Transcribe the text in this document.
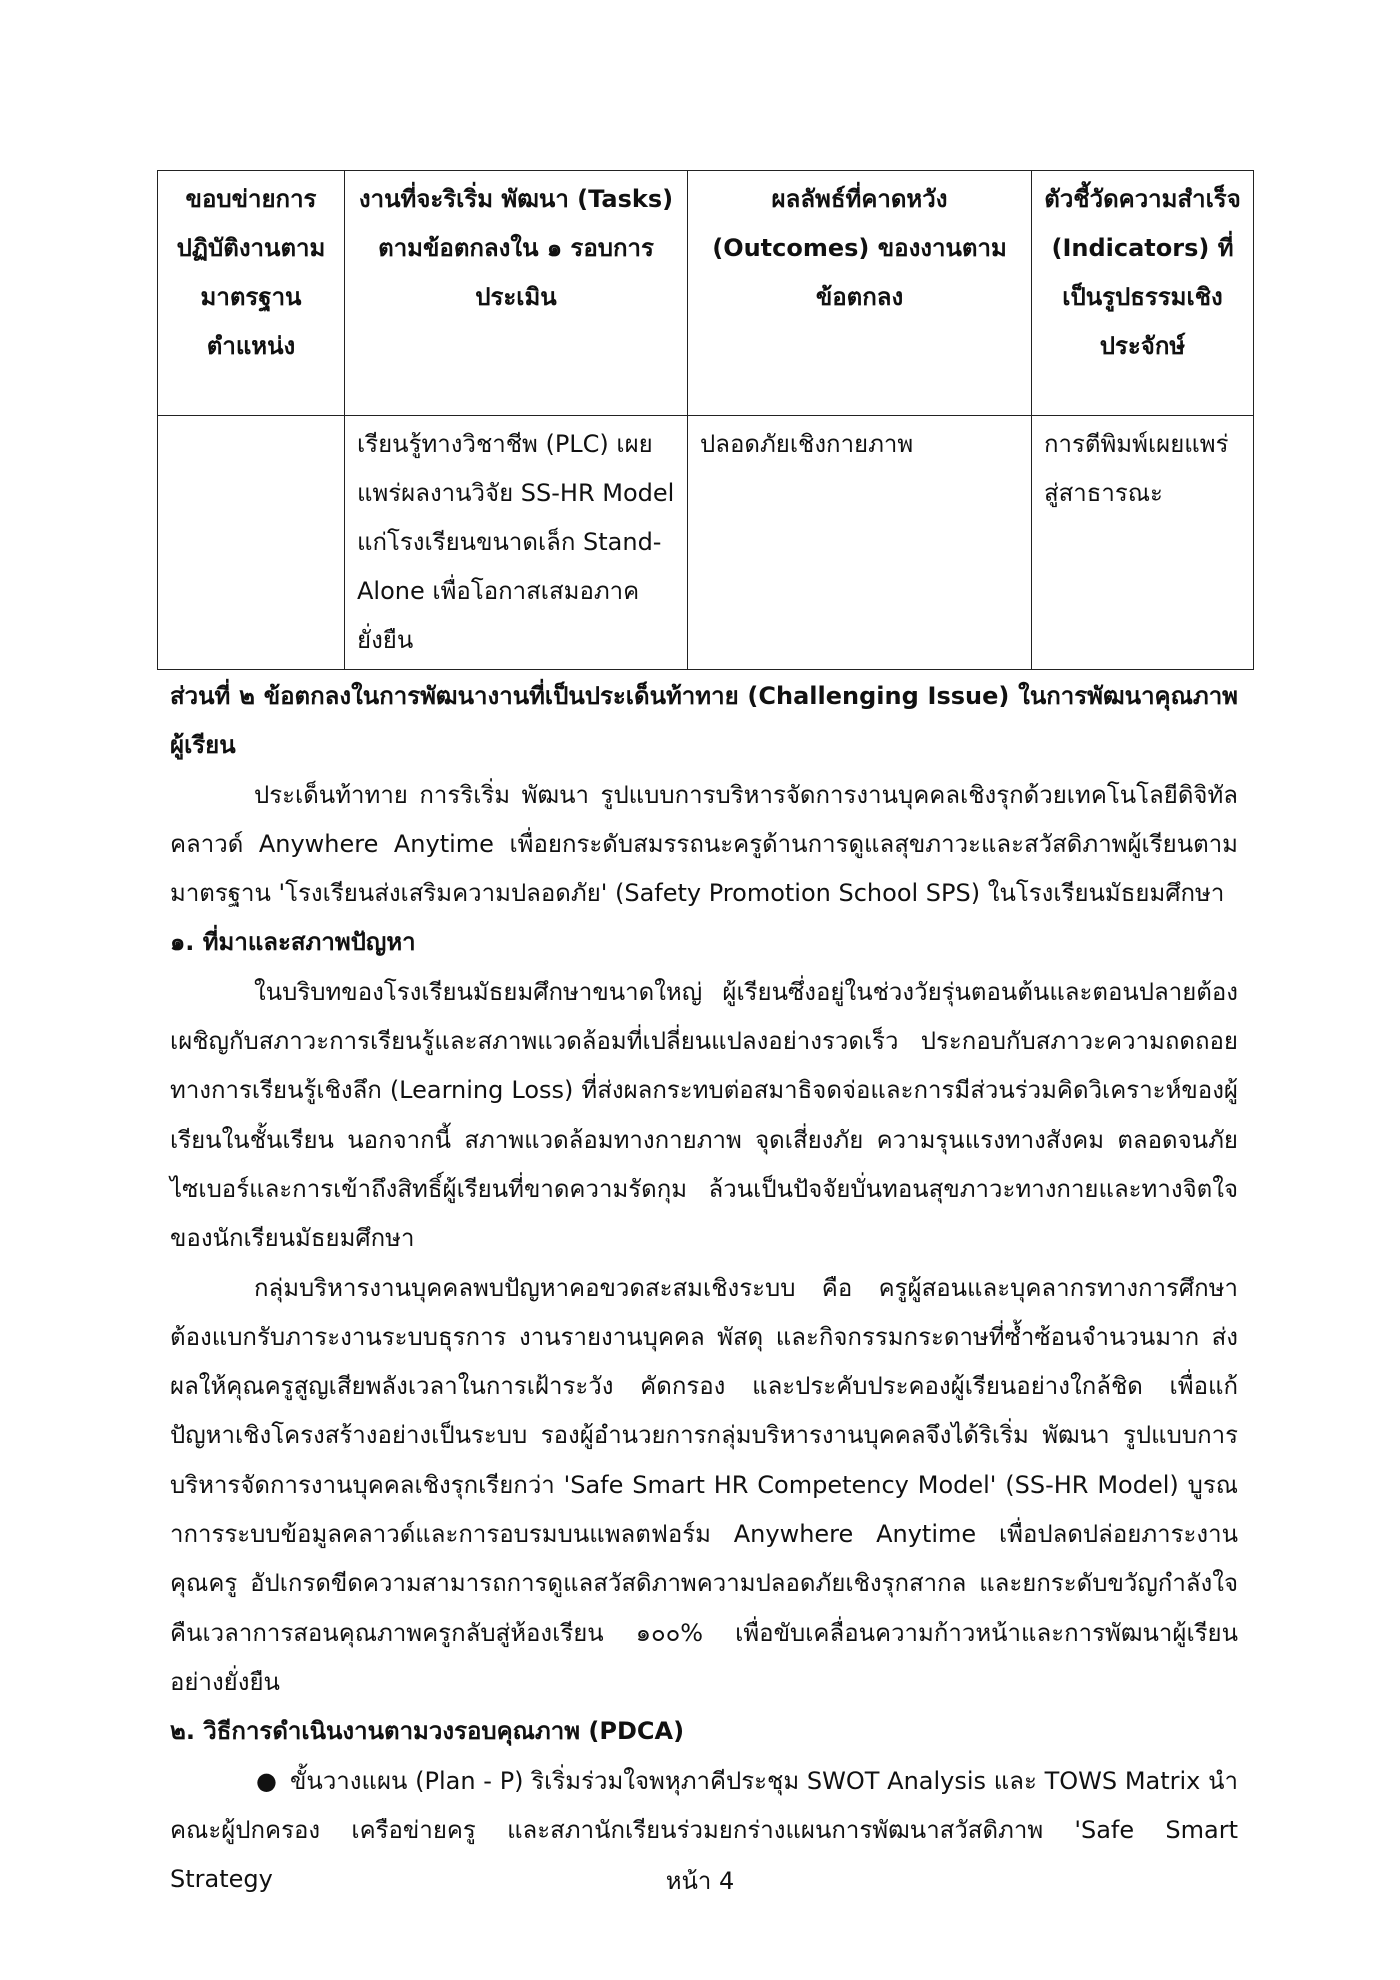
ขอบข่ายการปฏิบัติงานตามมาตรฐานตำแหน่ง	งานที่จะริเริ่ม พัฒนา (Tasks) ตามข้อตกลงใน ๑ รอบการประเมิน	ผลลัพธ์ที่คาดหวัง (Outcomes) ของงานตามข้อตกลง	ตัวชี้วัดความสำเร็จ (Indicators) ที่เป็นรูปธรรมเชิงประจักษ์
	เรียนรู้ทางวิชาชีพ (PLC) เผยแพร่ผลงานวิจัย SS-HR Model แก่โรงเรียนขนาดเล็ก Stand-Alone เพื่อโอกาสเสมอภาคยั่งยืน	ปลอดภัยเชิงกายภาพ	การตีพิมพ์เผยแพร่สู่สาธารณะ

ส่วนที่ ๒ ข้อตกลงในการพัฒนางานที่เป็นประเด็นท้าทาย (Challenging Issue) ในการพัฒนาคุณภาพผู้เรียน

ประเด็นท้าทาย การริเริ่ม พัฒนา รูปแบบการบริหารจัดการงานบุคคลเชิงรุกด้วยเทคโนโลยีดิจิทัลคลาวด์ Anywhere Anytime เพื่อยกระดับสมรรถนะครูด้านการดูแลสุขภาวะและสวัสดิภาพผู้เรียนตามมาตรฐาน 'โรงเรียนส่งเสริมความปลอดภัย' (Safety Promotion School SPS) ในโรงเรียนมัธยมศึกษา

๑. ที่มาและสภาพปัญหา

ในบริบทของโรงเรียนมัธยมศึกษาขนาดใหญ่ ผู้เรียนซึ่งอยู่ในช่วงวัยรุ่นตอนต้นและตอนปลายต้องเผชิญกับสภาวะการเรียนรู้และสภาพแวดล้อมที่เปลี่ยนแปลงอย่างรวดเร็ว ประกอบกับสภาวะความถดถอยทางการเรียนรู้เชิงลึก (Learning Loss) ที่ส่งผลกระทบต่อสมาธิจดจ่อและการมีส่วนร่วมคิดวิเคราะห์ของผู้เรียนในชั้นเรียน นอกจากนี้ สภาพแวดล้อมทางกายภาพ จุดเสี่ยงภัย ความรุนแรงทางสังคม ตลอดจนภัยไซเบอร์และการเข้าถึงสิทธิ์ผู้เรียนที่ขาดความรัดกุม ล้วนเป็นปัจจัยบั่นทอนสุขภาวะทางกายและทางจิตใจของนักเรียนมัธยมศึกษา

กลุ่มบริหารงานบุคคลพบปัญหาคอขวดสะสมเชิงระบบ คือ ครูผู้สอนและบุคลากรทางการศึกษาต้องแบกรับภาระงานระบบธุรการ งานรายงานบุคคล พัสดุ และกิจกรรมกระดาษที่ซ้ำซ้อนจำนวนมาก ส่งผลให้คุณครูสูญเสียพลังเวลาในการเฝ้าระวัง คัดกรอง และประคับประคองผู้เรียนอย่างใกล้ชิด เพื่อแก้ปัญหาเชิงโครงสร้างอย่างเป็นระบบ รองผู้อำนวยการกลุ่มบริหารงานบุคคลจึงได้ริเริ่ม พัฒนา รูปแบบการบริหารจัดการงานบุคคลเชิงรุกเรียกว่า 'Safe Smart HR Competency Model' (SS-HR Model) บูรณาการระบบข้อมูลคลาวด์และการอบรมบนแพลตฟอร์ม Anywhere Anytime เพื่อปลดปล่อยภาระงานคุณครู อัปเกรดขีดความสามารถการดูแลสวัสดิภาพความปลอดภัยเชิงรุกสากล และยกระดับขวัญกำลังใจคืนเวลาการสอนคุณภาพครูกลับสู่ห้องเรียน ๑๐๐% เพื่อขับเคลื่อนความก้าวหน้าและการพัฒนาผู้เรียนอย่างยั่งยืน

๒. วิธีการดำเนินงานตามวงรอบคุณภาพ (PDCA)

● ขั้นวางแผน (Plan - P) ริเริ่มร่วมใจพหุภาคีประชุม SWOT Analysis และ TOWS Matrix นำคณะผู้ปกครอง เครือข่ายครู และสภานักเรียนร่วมยกร่างแผนการพัฒนาสวัสดิภาพ 'Safe Smart Strategy	หน้า 4
